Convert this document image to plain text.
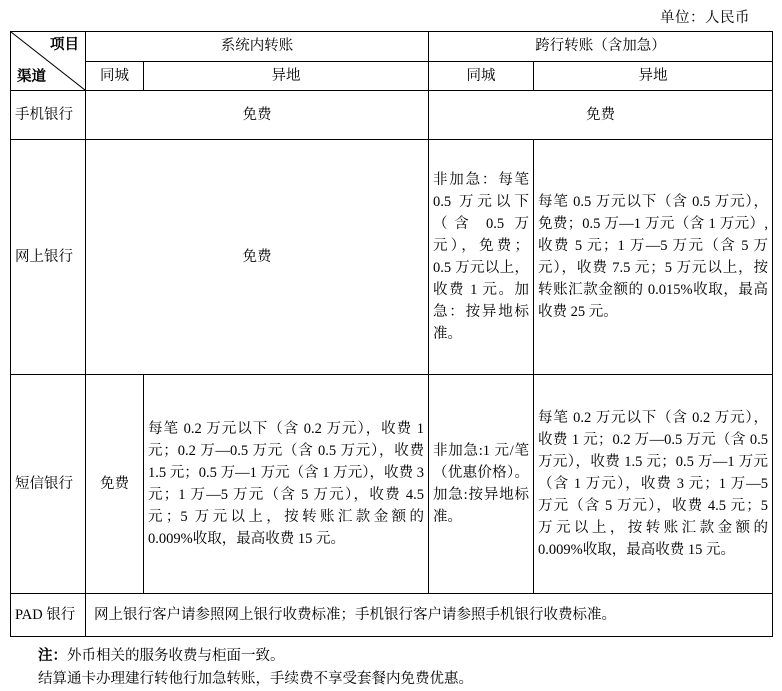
单位：人民币
项目
渠道	系统内转账		跨行转账（含加急）	
	同城	异地	同城	异地
手机银行	免费		免费	
网上银行	免费		非加急：每笔 0.5 万元以下（含 0.5 万元），免费；0.5 万元以上，收费 1 元。加急：按异地标准。	每笔 0.5 万元以下（含 0.5 万元），免费；0.5 万—1 万元（含 1 万元）,收费 5 元；1 万—5 万元（含 5 万元），收费 7.5 元；5 万元以上，按转账汇款金额的 0.015%收取，最高收费 25 元。
短信银行	免费	每笔 0.2 万元以下（含 0.2 万元），收费 1 元；0.2 万—0.5 万元（含 0.5 万元），收费 1.5 元；0.5 万—1 万元（含 1 万元），收费 3 元；1 万—5 万元（含 5 万元），收费 4.5 元；5 万元以上，按转账汇款金额的 0.009%收取，最高收费 15 元。	非加急:1 元/笔（优惠价格）。加急:按异地标准。	每笔 0.2 万元以下（含 0.2 万元），收费 1 元；0.2 万—0.5 万元（含 0.5 万元），收费 1.5 元；0.5 万—1 万元（含 1 万元），收费 3 元；1 万—5 万元（含 5 万元），收费 4.5 元；5 万元以上，按转账汇款金额的 0.009%收取，最高收费 15 元。
PAD 银行	网上银行客户请参照网上银行收费标准；手机银行客户请参照手机银行收费标准。			
注：外币相关的服务收费与柜面一致。
结算通卡办理建行转他行加急转账，手续费不享受套餐内免费优惠。
